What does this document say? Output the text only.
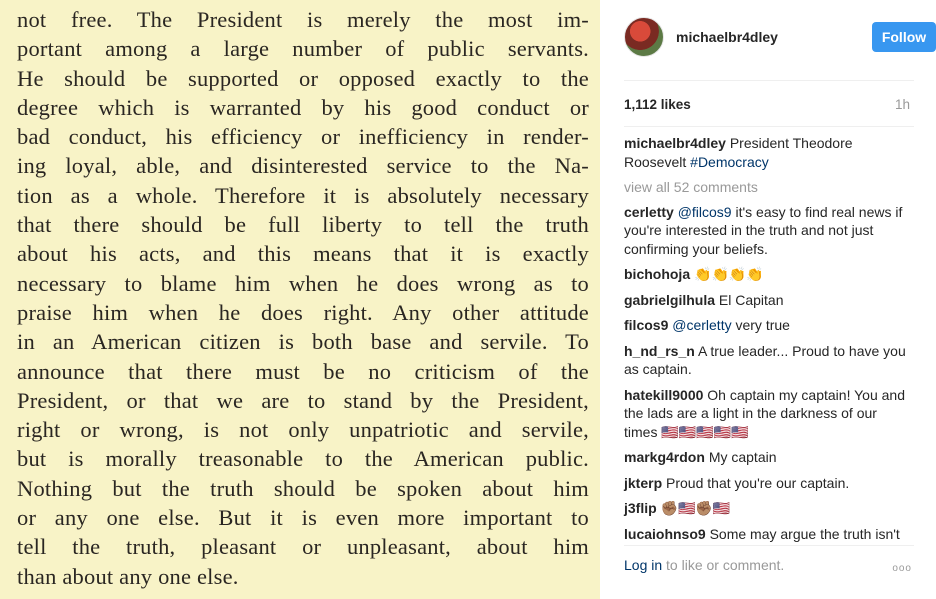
not free. The President is merely the most im-
portant among a large number of public servants.
He should be supported or opposed exactly to the
degree which is warranted by his good conduct or
bad conduct, his efficiency or inefficiency in render-
ing loyal, able, and disinterested service to the Na-
tion as a whole. Therefore it is absolutely necessary
that there should be full liberty to tell the truth
about his acts, and this means that it is exactly
necessary to blame him when he does wrong as to
praise him when he does right. Any other attitude
in an American citizen is both base and servile. To
announce that there must be no criticism of the
President, or that we are to stand by the President,
right or wrong, is not only unpatriotic and servile,
but is morally treasonable to the American public.
Nothing but the truth should be spoken about him
or any one else. But it is even more important to
tell the truth, pleasant or unpleasant, about him
than about any one else.
michaelbr4dley	Follow
1,112 likes	1h
michaelbr4dley President Theodore Roosevelt #Democracy
view all 52 comments
cerletty @filcos9 it's easy to find real news if you're interested in the truth and not just confirming your beliefs.
bichohoja 👏👏👏👏
gabrielgilhula El Capitan
filcos9 @cerletty very true
h_nd_rs_n A true leader... Proud to have you as captain.
hatekill9000 Oh captain my captain! You and the lads are a light in the darkness of our times 🇺🇸🇺🇸🇺🇸🇺🇸🇺🇸
markg4rdon My captain
jkterp Proud that you're our captain.
j3flip ✊🏽🇺🇸✊🏽🇺🇸
lucaiohnso9 Some may argue the truth isn't
Log in to like or comment.	ooo
